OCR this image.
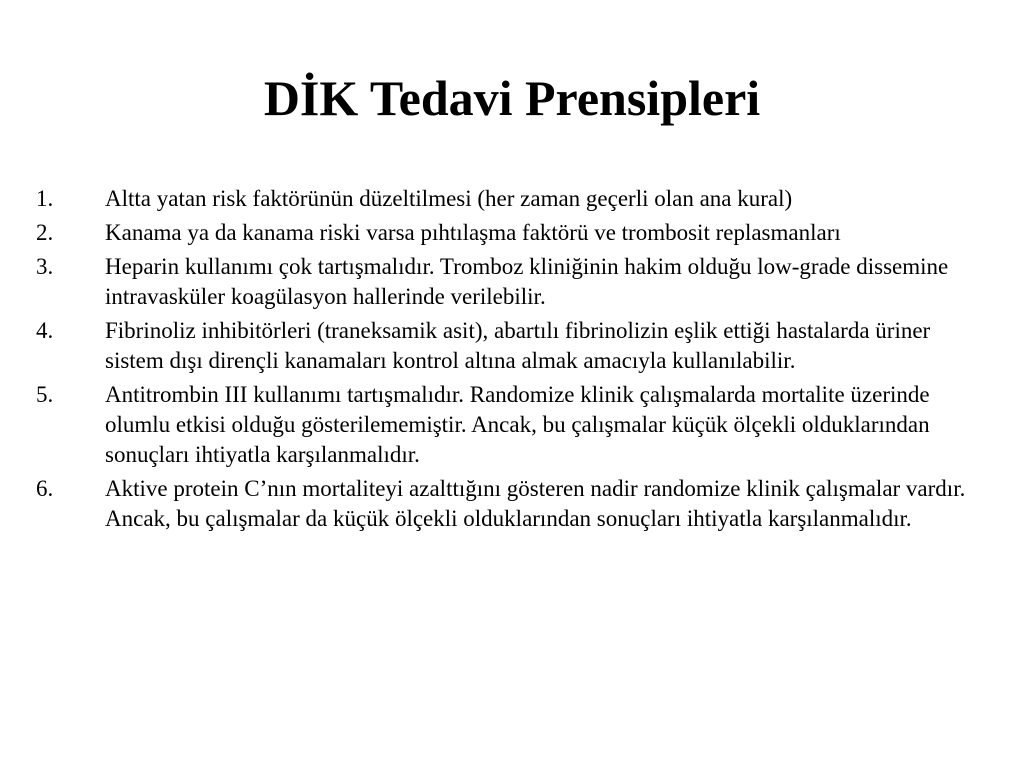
DİK Tedavi Prensipleri
1.	Altta yatan risk faktörünün düzeltilmesi (her zaman geçerli olan ana kural)
2.	Kanama ya da kanama riski varsa pıhtılaşma faktörü ve trombosit replasmanları
3.	Heparin kullanımı çok tartışmalıdır. Tromboz kliniğinin hakim olduğu low-grade dissemine intravasküler koagülasyon hallerinde verilebilir.
4.	Fibrinoliz inhibitörleri (traneksamik asit), abartılı fibrinolizin eşlik ettiği hastalarda üriner sistem dışı dirençli kanamaları kontrol altına almak amacıyla kullanılabilir.
5.	Antitrombin III kullanımı tartışmalıdır. Randomize klinik çalışmalarda mortalite üzerinde olumlu etkisi olduğu gösterilememiştir. Ancak, bu çalışmalar küçük ölçekli olduklarından sonuçları ihtiyatla karşılanmalıdır.
6.	Aktive protein C’nın mortaliteyi azalttığını gösteren nadir randomize klinik çalışmalar vardır. Ancak, bu çalışmalar da küçük ölçekli olduklarından sonuçları ihtiyatla karşılanmalıdır.
